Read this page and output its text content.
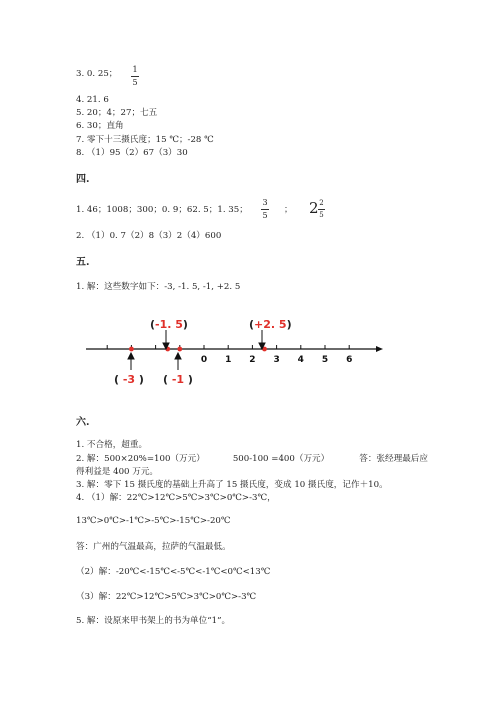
3. 0. 25； 1
5
4. 21. 6
5. 20；4；27；七五
6. 30；直角
7. 零下十三摄氏度；15 ℃；-28 ℃
8. （1）95（2）67（3）30
四.
1. 46；1008；300；0. 9；62. 5；1. 35；
3
5
； 2 2
5
2. （1）0. 7（2）8（3）2（4）600
五.
1. 解：这些数字如下：-3, -1. 5, -1, +2. 5
0 1 2 3 4 5 6
(-1. 5)	(+2. 5)
( -3 ) ( -1 )
六.
1. 不合格，超重。
2. 解：500×20%=100（万元）	500-100 =400（万元）	答：张经理最后应
得利益是 400 万元。
3. 解：零下 15 摄氏度的基础上升高了 15 摄氏度，变成 10 摄氏度，记作＋10。
4. （1）解：22℃>12℃>5℃>3℃>0℃>-3℃，
13℃>0℃>-1℃>-5℃>-15℃>-20℃
答：广州的气温最高，拉萨的气温最低。
（2）解：-20℃<-15℃<-5℃<-1℃<0℃<13℃
（3）解：22℃>12℃>5℃>3℃>0℃>-3℃
5. 解：设原来甲书架上的书为单位“1”。
